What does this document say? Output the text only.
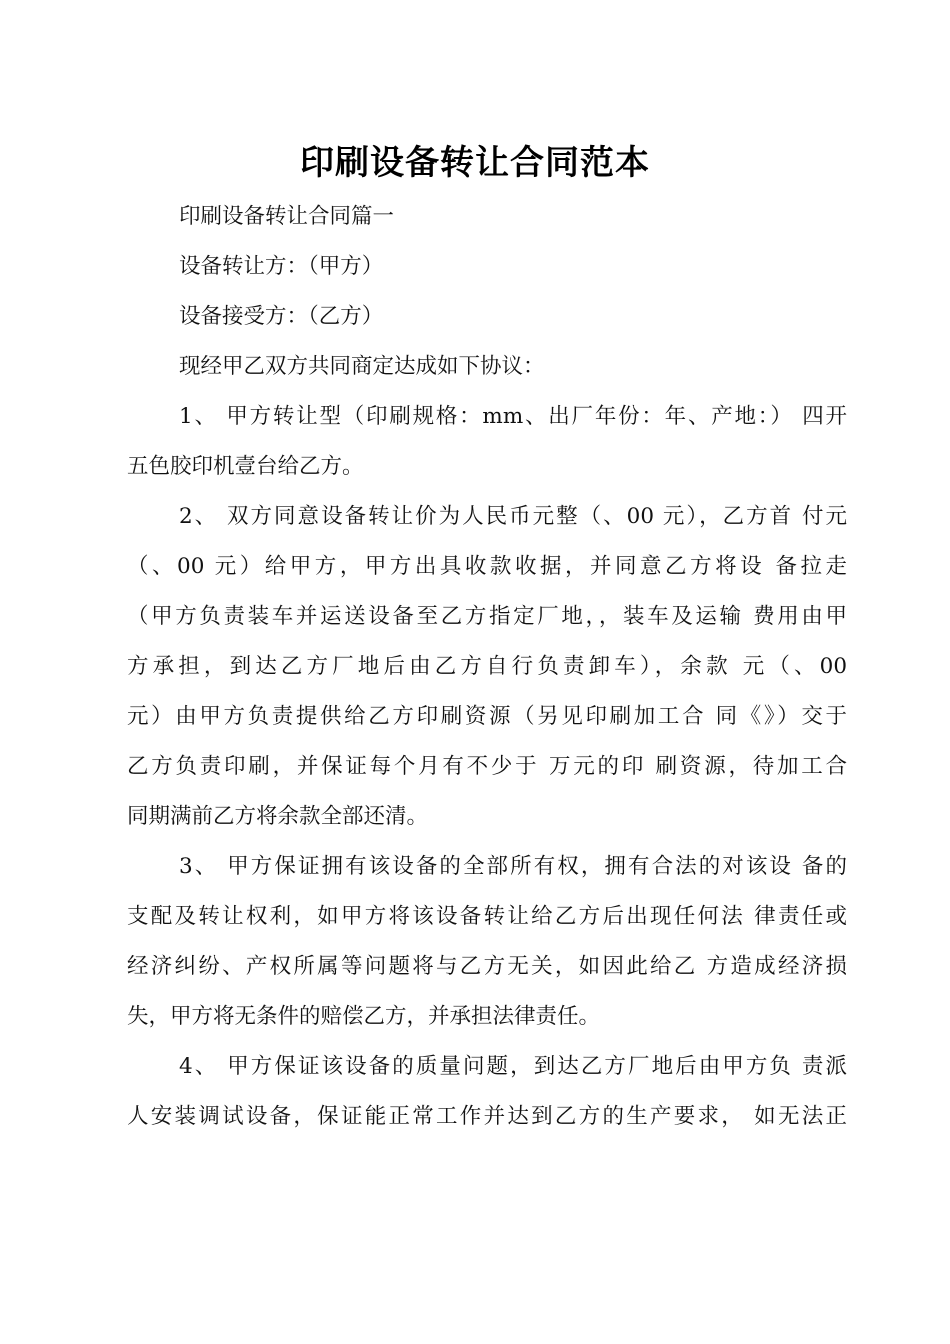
印刷设备转让合同范本
印刷设备转让合同篇一
设备转让方：（甲方）
设备接受方：（乙方）
现经甲乙双方共同商定达成如下协议：
1、 甲方转让型（印刷规格：mm、出厂年份：年、产地：） 四开
五色胶印机壹台给乙方。
2、 双方同意设备转让价为人民币元整（、00 元），乙方首 付元
（、00 元）给甲方，甲方出具收款收据，并同意乙方将设 备拉走
（甲方负责装车并运送设备至乙方指定厂地，，装车及运输 费用由甲
方承担，到达乙方厂地后由乙方自行负责卸车），余款 元（、00
元）由甲方负责提供给乙方印刷资源（另见印刷加工合 同《》）交于
乙方负责印刷，并保证每个月有不少于 万元的印 刷资源，待加工合
同期满前乙方将余款全部还清。
3、 甲方保证拥有该设备的全部所有权，拥有合法的对该设 备的
支配及转让权利，如甲方将该设备转让给乙方后出现任何法 律责任或
经济纠纷、产权所属等问题将与乙方无关，如因此给乙 方造成经济损
失，甲方将无条件的赔偿乙方，并承担法律责任。
4、 甲方保证该设备的质量问题，到达乙方厂地后由甲方负 责派
人安装调试设备，保证能正常工作并达到乙方的生产要求， 如无法正
